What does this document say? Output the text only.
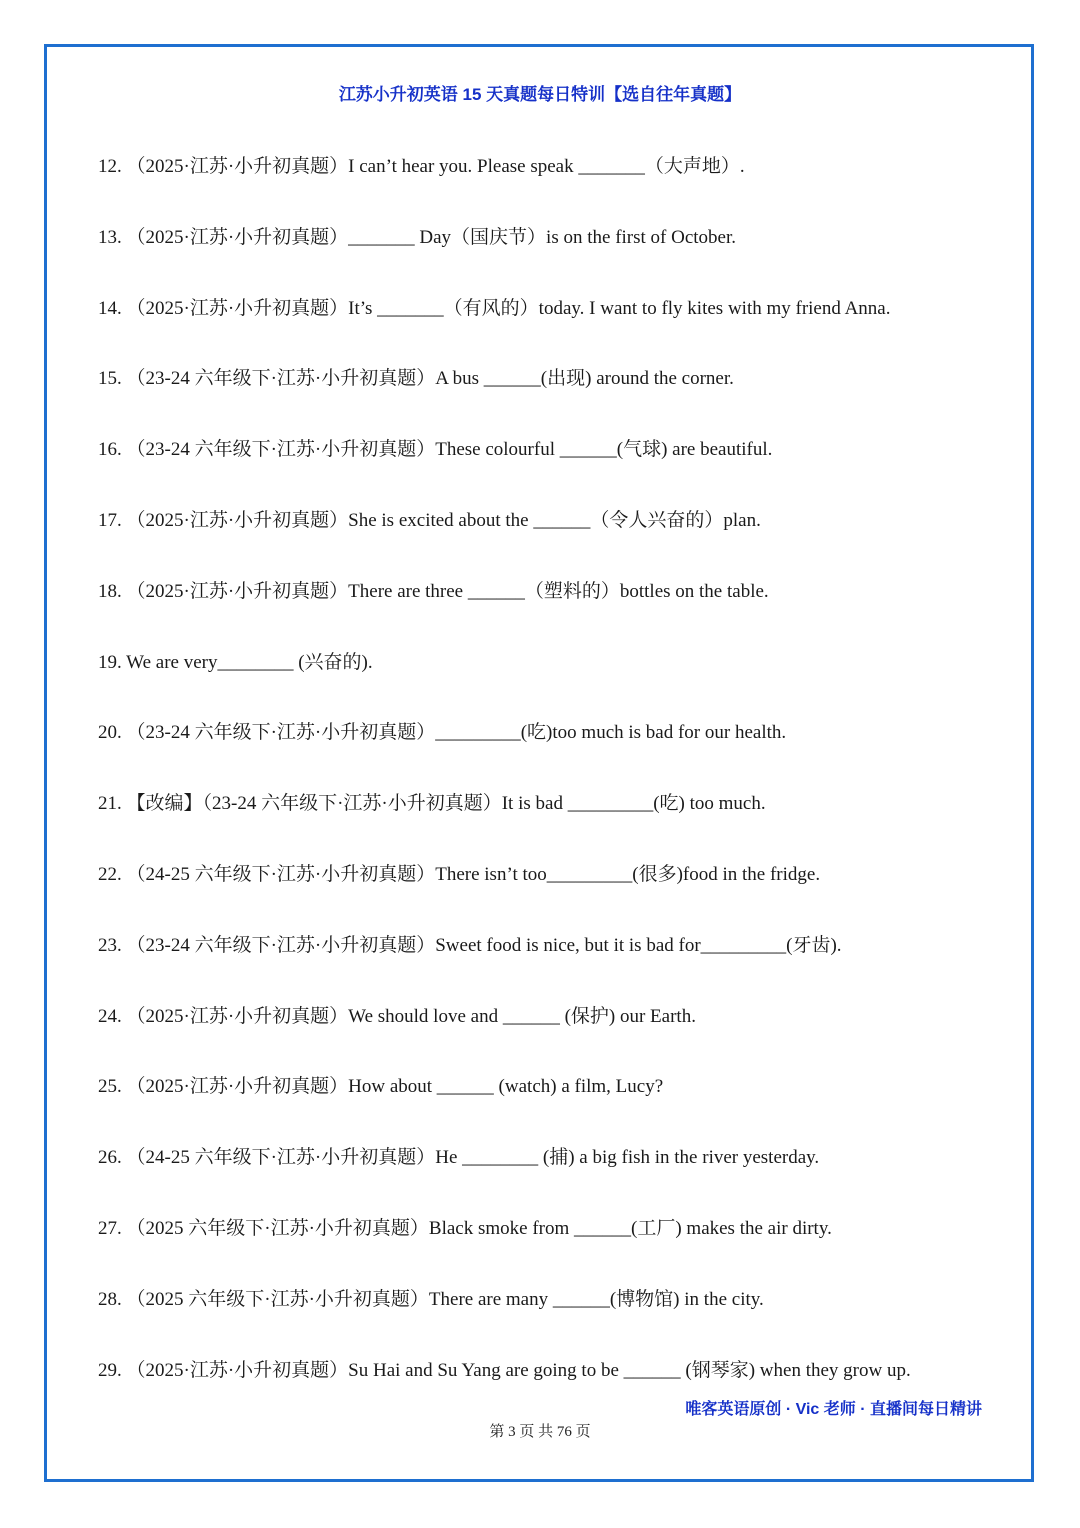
江苏小升初英语 15 天真题每日特训【选自往年真题】
12. （2025·江苏·小升初真题）I can’t hear you. Please speak _______（大声地）.
13. （2025·江苏·小升初真题）_______ Day（国庆节）is on the first of October.
14. （2025·江苏·小升初真题）It’s _______（有风的）today. I want to fly kites with my friend Anna.
15. （23-24 六年级下·江苏·小升初真题）A bus ______(出现) around the corner.
16. （23-24 六年级下·江苏·小升初真题）These colourful ______(气球) are beautiful.
17. （2025·江苏·小升初真题）She is excited about the ______（令人兴奋的）plan.
18. （2025·江苏·小升初真题）There are three ______（塑料的）bottles on the table.
19. We are very________ (兴奋的).
20. （23-24 六年级下·江苏·小升初真题）_________(吃)too much is bad for our health.
21. 【改编】（23-24 六年级下·江苏·小升初真题）It is bad _________(吃) too much.
22. （24-25 六年级下·江苏·小升初真题）There isn’t too_________(很多)food in the fridge.
23. （23-24 六年级下·江苏·小升初真题）Sweet food is nice, but it is bad for_________(牙齿).
24. （2025·江苏·小升初真题）We should love and ______ (保护) our Earth.
25. （2025·江苏·小升初真题）How about ______ (watch) a film, Lucy?
26. （24-25 六年级下·江苏·小升初真题）He ________ (捕) a big fish in the river yesterday.
27. （2025 六年级下·江苏·小升初真题）Black smoke from ______(工厂) makes the air dirty.
28. （2025 六年级下·江苏·小升初真题）There are many ______(博物馆) in the city.
29. （2025·江苏·小升初真题）Su Hai and Su Yang are going to be ______ (钢琴家) when they grow up.
唯客英语原创 · Vic 老师 · 直播间每日精讲
第 3 页 共 76 页
